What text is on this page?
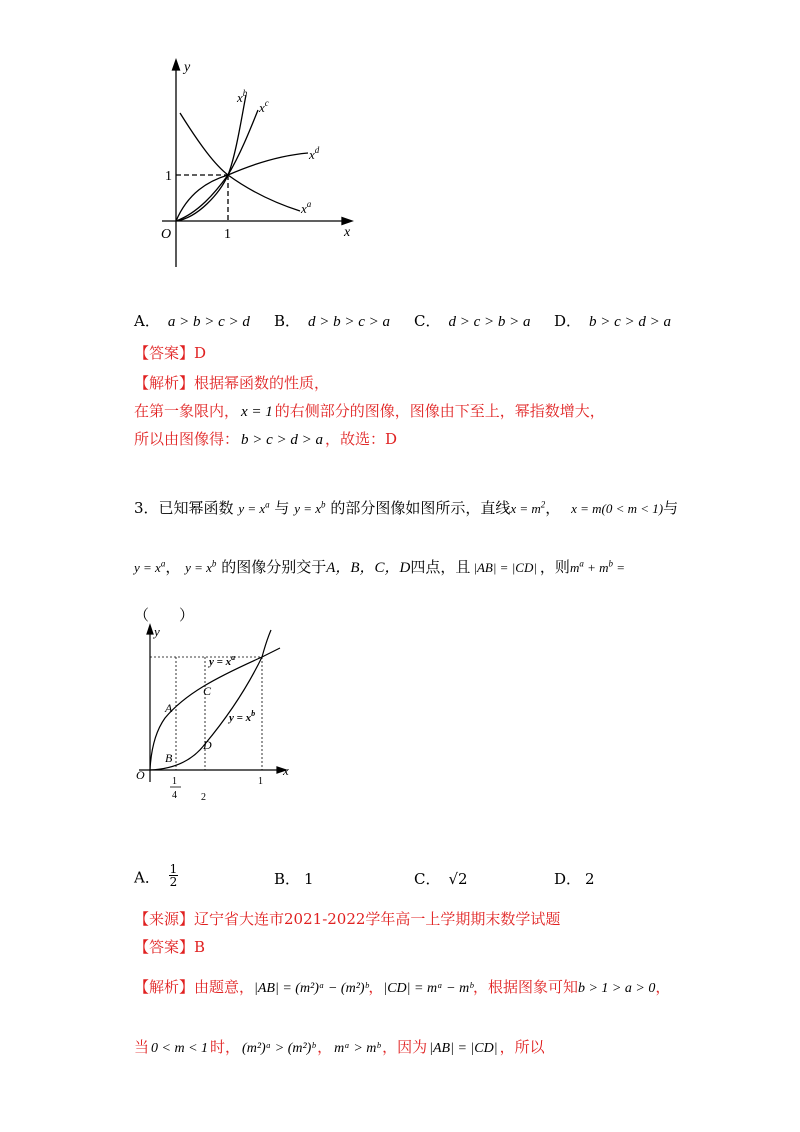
y
x
O	1
1
$x^b$
$x^c$
$x^d$
$x^a$
A． a > b > c > d B． d > b > c > a C． d > c > b > a D． b > c > d > a
【答案】D
【解析】根据幂函数的性质，
在第一象限内， x = 1 的右侧部分的图像，图像由下至上，幂指数增大，
所以由图像得： b > c > d > a ，故选：D
3．已知幂函数 $y = x^a$ 与 $y = x^b$ 的部分图像如图所示，直线$x = m^2$， x = m(0 < m < 1)与
$y = x^a$， $y = x^b$ 的图像分别交于A，B，C，D四点，且 |AB| = |CD| ，则$m^a + m^b$ =
（　　）
y
x
O
$y = x^a$
$y = x^b$
A
B
C
D
1
4 2
1
A． $\frac{1}{2}$	B． 1	C． √2	D． 2
【来源】辽宁省大连市2021-2022学年高一上学期期末数学试题
【答案】B
【解析】由题意，|AB| = (m²)ᵃ − (m²)ᵇ，|CD| = mᵃ − mᵇ，根据图象可知b > 1 > a > 0，
当 0 < m < 1 时， (m²)ᵃ > (m²)ᵇ ， mᵃ > mᵇ ，因为 |AB| = |CD| ，所以
